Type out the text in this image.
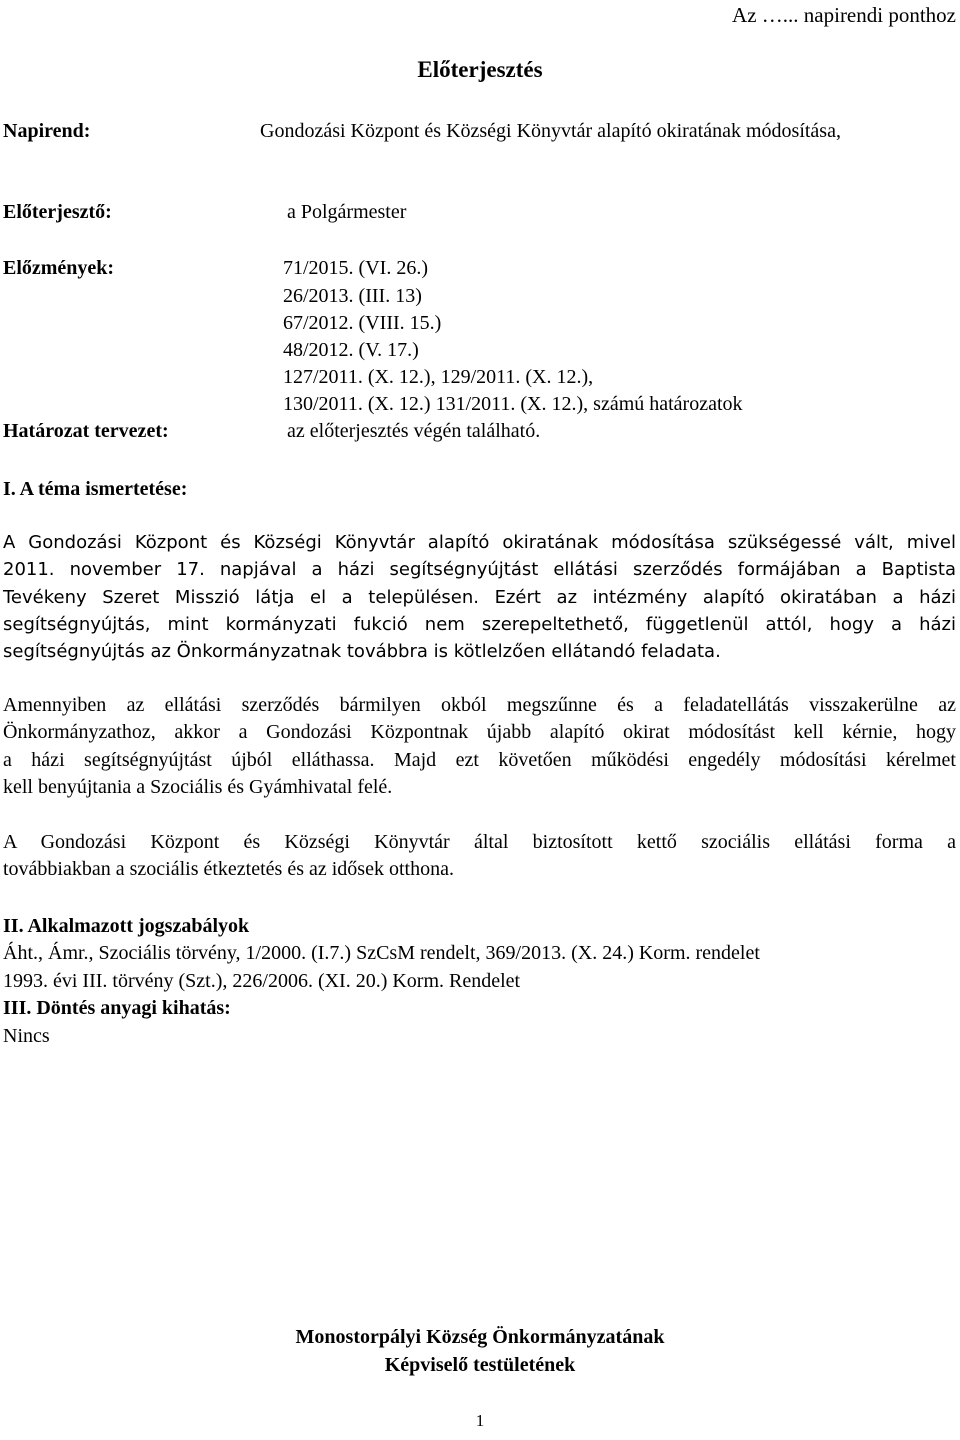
Az …... napirendi ponthoz
Előterjesztés
Napirend:	Gondozási Központ és Községi Könyvtár alapító okiratának módosítása,
Előterjesztő:	a Polgármester
Előzmények:	71/2015. (VI. 26.)
26/2013. (III. 13)
67/2012. (VIII. 15.)
48/2012. (V. 17.)
127/2011. (X. 12.), 129/2011. (X. 12.),
130/2011. (X. 12.) 131/2011. (X. 12.), számú határozatok
Határozat tervezet:	az előterjesztés végén található.
I. A téma ismertetése:
A Gondozási Központ és Községi Könyvtár alapító okiratának módosítása szükségessé vált, mivel
2011. november 17. napjával a házi segítségnyújtást ellátási szerződés formájában a Baptista
Tevékeny Szeret Misszió látja el a településen. Ezért az intézmény alapító okiratában a házi
segítségnyújtás, mint kormányzati fukció nem szerepeltethető, függetlenül attól, hogy a házi
segítségnyújtás az Önkormányzatnak továbbra is kötlelzően ellátandó feladata.
Amennyiben az ellátási szerződés bármilyen okból megszűnne és a feladatellátás visszakerülne az
Önkormányzathoz, akkor a Gondozási Központnak újabb alapító okirat módosítást kell kérnie, hogy
a házi segítségnyújtást újból elláthassa. Majd ezt követően működési engedély módosítási kérelmet
kell benyújtania a Szociális és Gyámhivatal felé.
A Gondozási Központ és Községi Könyvtár által biztosított kettő szociális ellátási forma a
továbbiakban a szociális étkeztetés és az idősek otthona.
II. Alkalmazott jogszabályok
Áht., Ámr., Szociális törvény, 1/2000. (I.7.) SzCsM rendelt, 369/2013. (X. 24.) Korm. rendelet
1993. évi III. törvény (Szt.), 226/2006. (XI. 20.) Korm. Rendelet
III. Döntés anyagi kihatás:
Nincs
Monostorpályi Község Önkormányzatának
Képviselő testületének
1
